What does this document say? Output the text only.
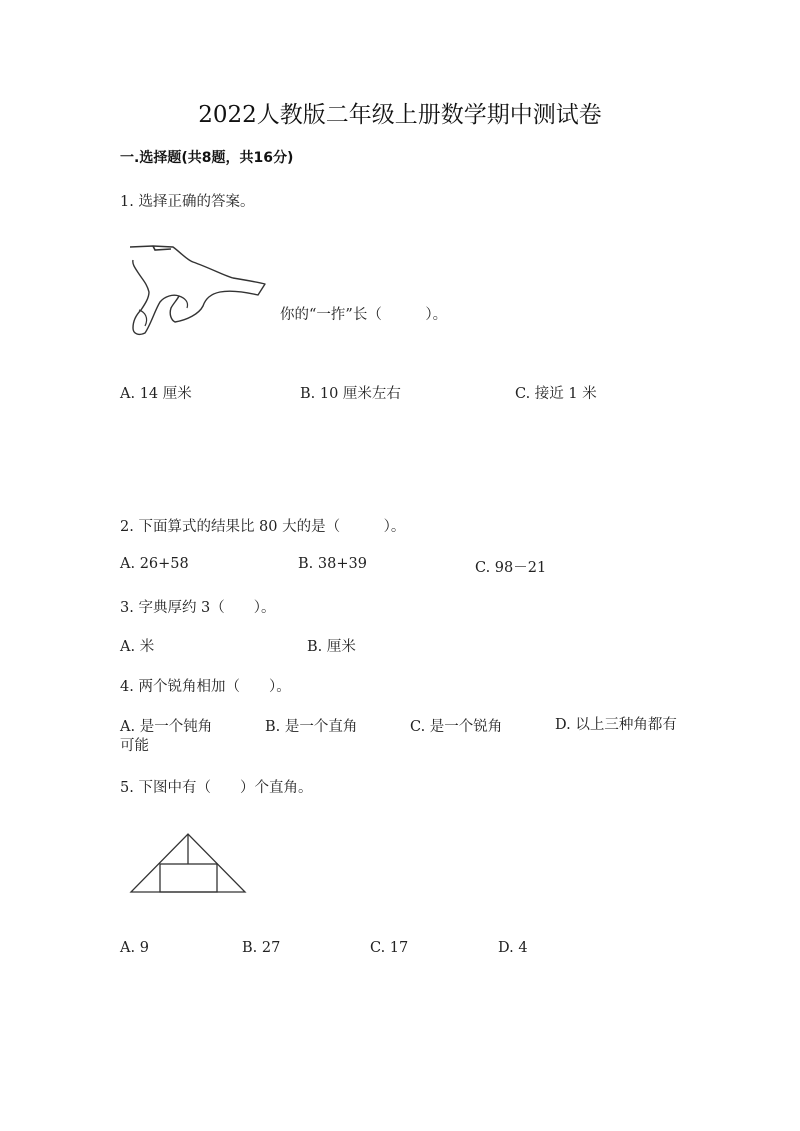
2022人教版二年级上册数学期中测试卷
一.选择题(共8题，共16分)
1. 选择正确的答案。
你的“一拃”长（　　　）。
A. 14 厘米	B. 10 厘米左右	C. 接近 1 米
2. 下面算式的结果比 80 大的是（　　　）。
A. 26+58	B. 38+39	C. 98－21
3. 字典厚约 3（　　）。
A. 米	B. 厘米
4. 两个锐角相加（　　）。
A. 是一个钝角	B. 是一个直角	C. 是一个锐角	D. 以上三种角都有可能
5. 下图中有（　　）个直角。
A. 9	B. 27	C. 17	D. 4
